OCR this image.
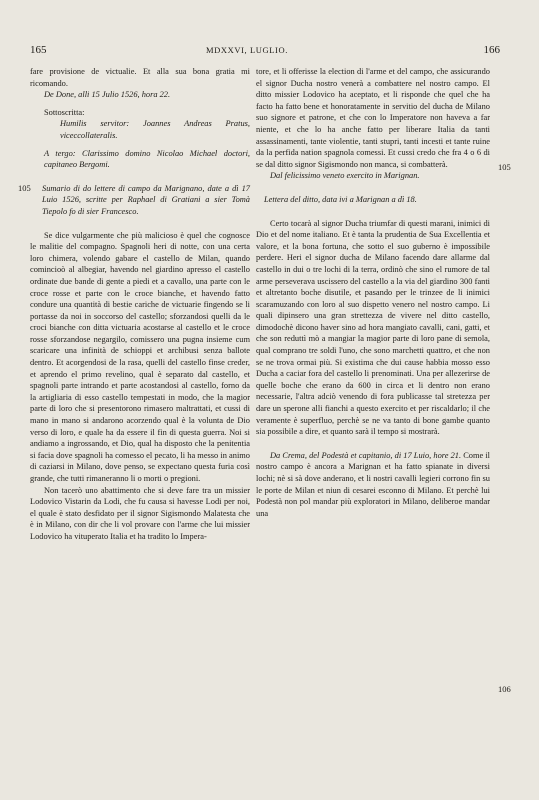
165	MDXXVI, LUGLIO.	166

fare provisione de victualie. Et alla sua bona gratia mi ricomando.

De Done, alli 15 Julio 1526, hora 22.

Sottoscritta:

Humilis servitor: Joannes Andreas Pratus, viceccollateralis.

A tergo: Clarissimo domino Nicolao Michael doctori, capitaneo Bergomi.

105	Sumario di do lettere di campo da Marignano, date a dì 17 Luio 1526, scritte per Raphael di Gratiani a sier Tomà Tiepolo fo di sier Francesco.

Se dice vulgarmente che più malicioso è quel che cognosce le malitie del compagno. Spagnoli heri di notte, con una certa loro chimera, volendo gabare el castello de Milan, quando comincioò al albegiar, havendo nel giardino apresso el castello ordinate due bande di gente a piedi et a cavallo, una parte con le croce rosse et parte con le croce bianche, et havendo fatto condure una quantità di bestie cariche de victuarie fingendo se li portasse da noi in soccorso del castello; sforzandosi quelli da le croci bianche con ditta victuaria acostarse al castello et le croce rosse sforzandose negargilo, comissero una pugna insieme cum scaricare una infinità de schioppi et archibusi senza ballote dentro. Et acorgendosi de la rasa, quelli del castello finse creder, et aprendo el primo revelino, qual è separato dal castello, et spagnoli parte intrando et parte acostandosi al castello, forno da la artigliaria di esso castello tempestati in modo, che la magior parte di loro che si presentorono rimasero maltrattati, et cussi di mano in mano si andarono acorzendo qual è la volunta de Dio verso di loro, e quale ha da essere il fin di questa guerra. Noi si andiamo a ingrossando, et Dio, qual ha disposto che la penitentia si facia dove spagnoli ha comesso el pecato, li ha messo in animo di caziarsi in Milano, dove penso, se expectano questa furia così grande, che tutti rimaneranno li o morti o pregioni.

Non tacerò uno abattimento che si deve fare tra un missier Lodovico Vistarin da Lodi, che fu causa si havesse Lodi per noi, el quale è stato desfidato per il signor Sigismondo Malatesta che è in Milano, con dir che li vol provare con l'arme che lui missier Lodovico ha vituperato Italia et ha tradito lo Impera-

tore, et li offerisse la election di l'arme et del campo, che assicurando el signor Ducha nostro venerà a combattere nel nostro campo. El ditto missier Lodovico ha aceptato, et li risponde che quel che ha facto ha fatto bene et honoratamente in servitio del ducha de Milano suo signore et patrone, et che con lo Imperatore non haveva a far niente, et che lo ha anche fatto per liberare Italia da tanti assassinamenti, tante violentie, tanti stupri, tanti incesti et tante ruine da la perfida nation spagnola comessi. Et cussi credo che fra 4 o 6 di se dal ditto signor Sigismondo non manca, si combatterà.

Dal felicissimo veneto exercito in Marignan.

Lettera del ditto, data ivi a Marignan a dì 18.

Certo tocarà al signor Ducha triumfar di questi marani, inimici di Dio et del nome italiano. Et è tanta la prudentia de Sua Excellentia et valore, et la bona fortuna, che sotto el suo guberno è impossibile perdere. Heri el signor ducha de Milano facendo dare allarme dal castello in dui o tre lochi di la terra, ordinò che sino el rumore de tal arme perseverava uscissero del castello a la via del giardino 300 fanti et altretanto boche disutile, et pasando per le trinzee de li inimici scaramuzando con loro al suo dispetto venero nel nostro campo. Li quali dipinsero una gran strettezza de vivere nel ditto castello, dimodochè dicono haver sino ad hora mangiato cavalli, cani, gatti, et che son reduttì mò a mangiar la magior parte di loro pane di semola, qual comprano tre soldi l'uno, che sono marchetti quattro, et che non se ne trova ormai più. Si existima che dui cause habbia mosso esso Ducha a caciar fora del castello li prenominati. Una per allezerirse de quelle boche che erano da 600 in circa et li dentro non erano necessarie, l'altra adciò venendo di fora publicasse tal stretezza per dare un sperone alli fianchi a questo exercito et per riscaldarlo; il che veramente è superfluo, perchè se ne va tanto di bone gambe quanto sia possibile a dire, et quanto sarà il tempo si mostrarà.

Da Crema, del Podestà et capitanio, di 17 Luio, hore 21. Come il nostro campo è ancora a Marignan et ha fatto spianate in diversi lochi; nè si sà dove anderano, et li nostri cavalli legieri corrono fin su le porte de Milan et niun di cesarei esconno di Milano. Et perchè lui Podestà non pol mandar più exploratori in Milano, deliberoe mandar una

105
106
